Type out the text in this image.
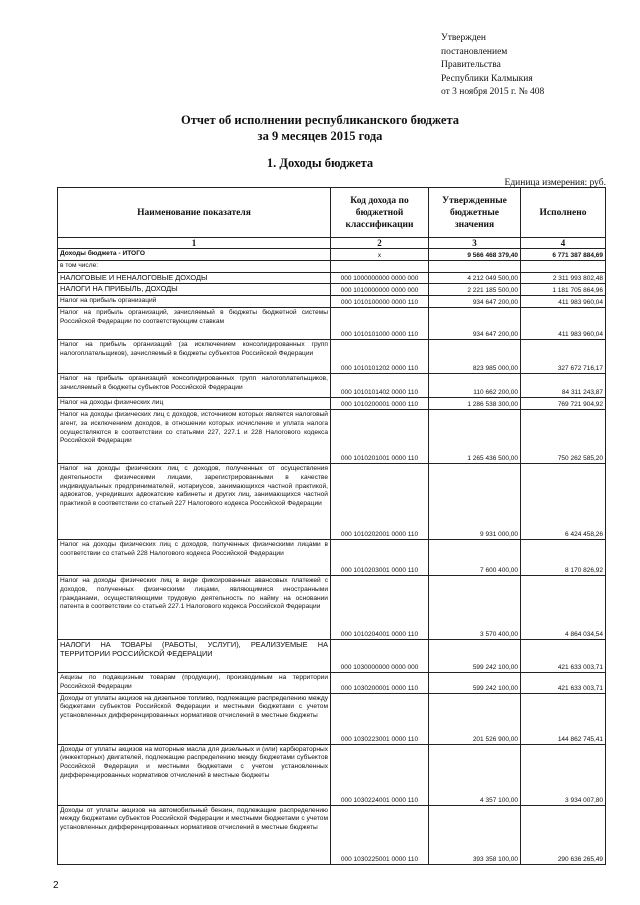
Утвержден
постановлением
Правительства
Республики Калмыкия
от 3 ноября 2015 г. № 408
Отчет об исполнении республиканского бюджета
за 9 месяцев 2015 года
1. Доходы бюджета
Единица измерения: руб.
Наименование показателя	Код дохода по бюджетной классификации	Утвержденные бюджетные значения	Исполнено
1	2	3	4
Доходы бюджета - ИТОГО	x	9 566 468 379,40	6 771 387 884,69
в том числе:			
НАЛОГОВЫЕ И НЕНАЛОГОВЫЕ ДОХОДЫ	000 1000000000 0000 000	4 212 049 500,00	2 311 993 802,48
НАЛОГИ НА ПРИБЫЛЬ, ДОХОДЫ	000 1010000000 0000 000	2 221 185 500,00	1 181 705 864,96
Налог на прибыль организаций	000 1010100000 0000 110	934 647 200,00	411 983 960,04
Налог на прибыль организаций, зачисляемый в бюджеты бюджетной системы Российской Федерации по соответствующим ставкам	000 1010101000 0000 110	934 647 200,00	411 983 960,04
Налог на прибыль организаций (за исключением консолидированных групп налогоплательщиков), зачисляемый в бюджеты субъектов Российской Федерации	000 1010101202 0000 110	823 985 000,00	327 672 716,17
Налог на прибыль организаций консолидированных групп налогоплательщиков, зачисляемый в бюджеты субъектов Российской Федерации	000 1010101402 0000 110	110 662 200,00	84 311 243,87
Налог на доходы физических лиц	000 1010200001 0000 110	1 286 538 300,00	769 721 904,92
Налог на доходы физических лиц с доходов, источником которых является налоговый агент, за исключением доходов, в отношении которых исчисление и уплата налога осуществляются в соответствии со статьями 227, 227.1 и 228 Налогового кодекса Российской Федерации	000 1010201001 0000 110	1 265 436 500,00	750 262 585,20
Налог на доходы физических лиц с доходов, полученных от осуществления деятельности физическими лицами, зарегистрированными в качестве индивидуальных предпринимателей, нотариусов, занимающихся частной практикой, адвокатов, учредивших адвокатские кабинеты и других лиц, занимающихся частной практикой в соответствии со статьей 227 Налогового кодекса Российской Федерации	000 1010202001 0000 110	9 931 000,00	6 424 458,26
Налог на доходы физических лиц с доходов, полученных физическими лицами в соответствии со статьей 228 Налогового кодекса Российской Федерации	000 1010203001 0000 110	7 600 400,00	8 170 826,92
Налог на доходы физических лиц в виде фиксированных авансовых платежей с доходов, полученных физическими лицами, являющимися иностранными гражданами, осуществляющими трудовую деятельность по найму на основании патента в соответствии со статьей 227.1 Налогового кодекса Российской Федерации	000 1010204001 0000 110	3 570 400,00	4 864 034,54
НАЛОГИ НА ТОВАРЫ (РАБОТЫ, УСЛУГИ), РЕАЛИЗУЕМЫЕ НА ТЕРРИТОРИИ РОССИЙСКОЙ ФЕДЕРАЦИИ	000 1030000000 0000 000	599 242 100,00	421 633 003,71
Акцизы по подакцизным товарам (продукции), производимым на территории Российской Федерации	000 1030200001 0000 110	599 242 100,00	421 633 003,71
Доходы от уплаты акцизов на дизельное топливо, подлежащие распределению между бюджетами субъектов Российской Федерации и местными бюджетами с учетом установленных дифференцированных нормативов отчислений в местные бюджеты	000 1030223001 0000 110	201 526 900,00	144 862 745,41
Доходы от уплаты акцизов на моторные масла для дизельных и (или) карбюраторных (инжекторных) двигателей, подлежащие распределению между бюджетами субъектов Российской Федерации и местными бюджетами с учетом установленных дифференцированных нормативов отчислений в местные бюджеты	000 1030224001 0000 110	4 357 100,00	3 934 007,80
Доходы от уплаты акцизов на автомобильный бензин, подлежащие распределению между бюджетами субъектов Российской Федерации и местными бюджетами с учетом установленных дифференцированных нормативов отчислений в местные бюджеты	000 1030225001 0000 110	393 358 100,00	290 636 265,49
2
